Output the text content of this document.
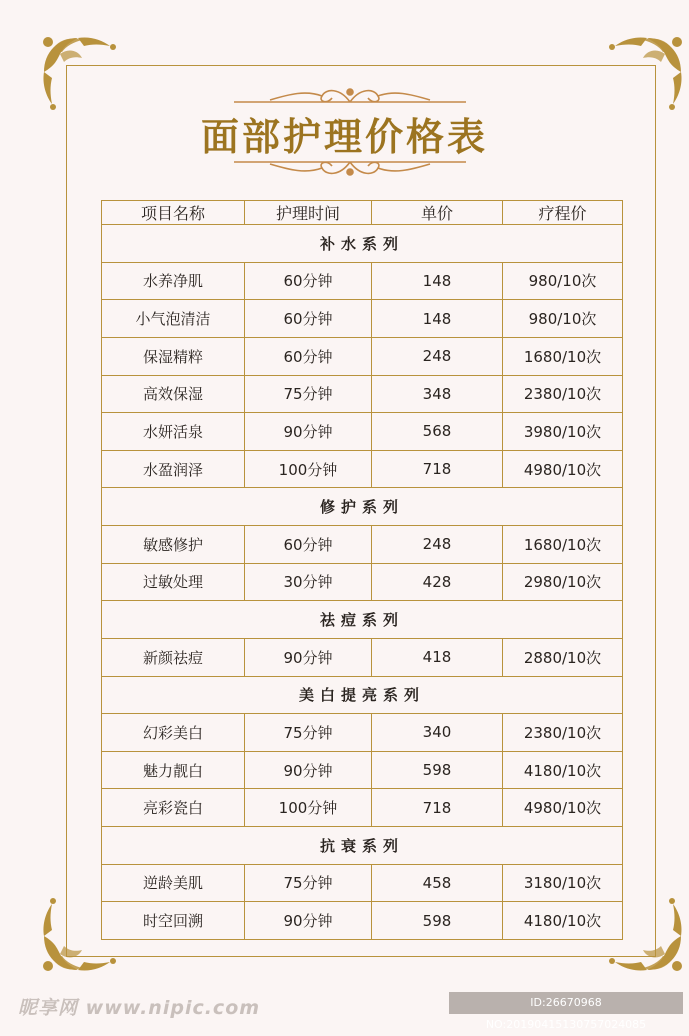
面部护理价格表
项目名称	护理时间	单价	疗程价
补水系列			
水养净肌	60分钟	148	980/10次
小气泡清洁	60分钟	148	980/10次
保湿精粹	60分钟	248	1680/10次
高效保湿	75分钟	348	2380/10次
水妍活泉	90分钟	568	3980/10次
水盈润泽	100分钟	718	4980/10次
修护系列			
敏感修护	60分钟	248	1680/10次
过敏处理	30分钟	428	2980/10次
祛痘系列			
新颜祛痘	90分钟	418	2880/10次
美白提亮系列			
幻彩美白	75分钟	340	2380/10次
魅力靓白	90分钟	598	4180/10次
亮彩瓷白	100分钟	718	4980/10次
抗衰系列			
逆龄美肌	75分钟	458	3180/10次
时空回溯	90分钟	598	4180/10次
昵享网 www.nipic.com	ID:26670968 NO:20190415130757024085
